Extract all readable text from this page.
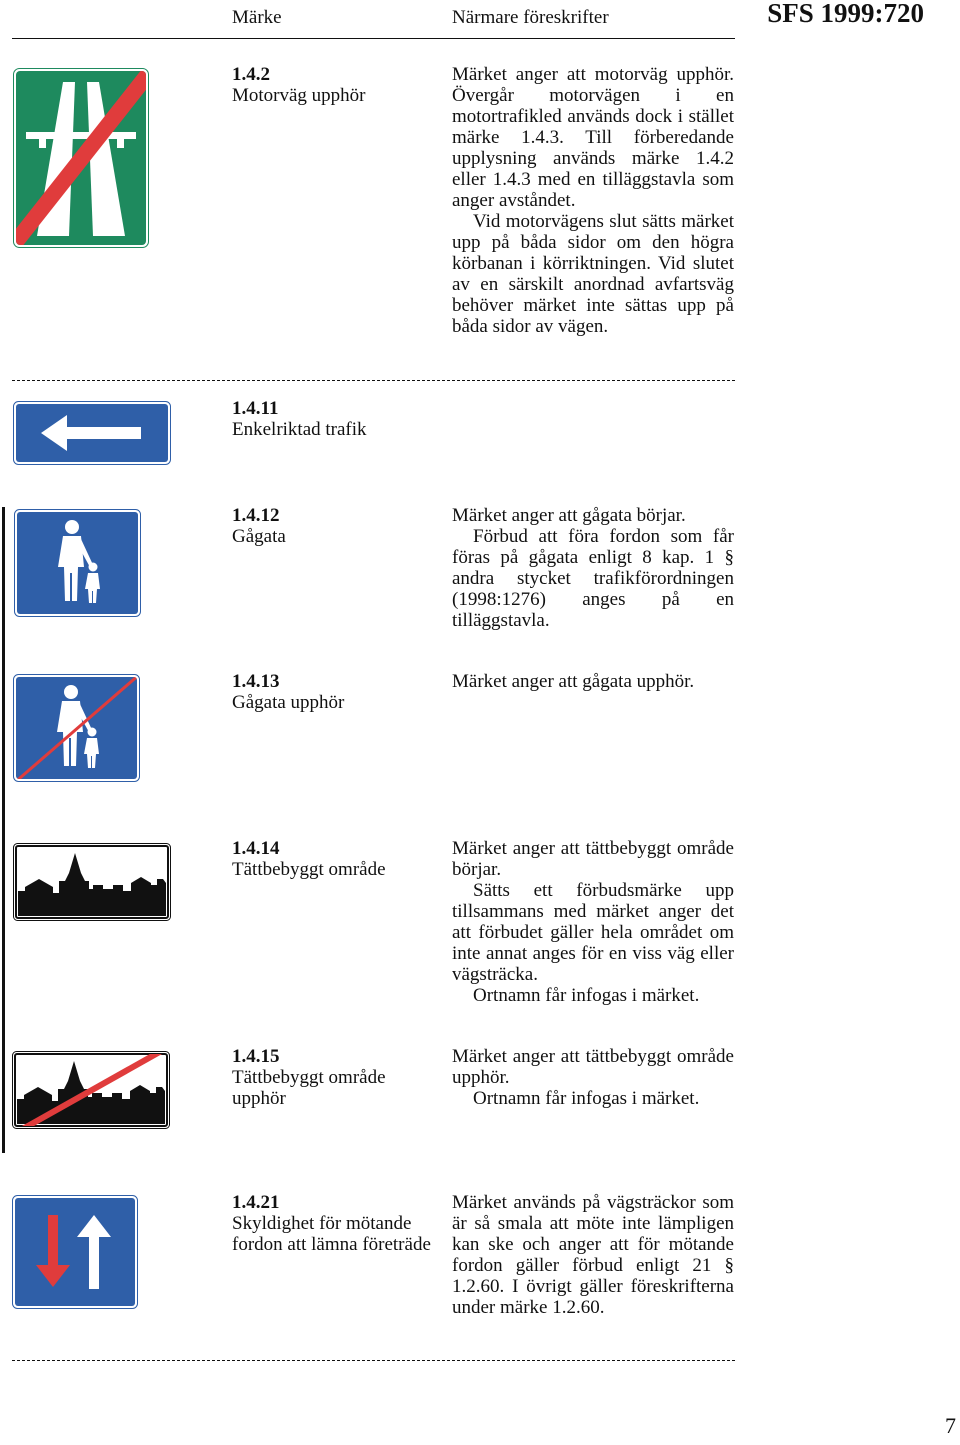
Märke	Närmare föreskrifter	SFS 1999:720
1.4.2
Motorväg upphör

Märket anger att motorväg upphör. Övergår motorvägen i en motortrafikled används dock i stället märke 1.4.3. Till förberedande upplysning används märke 1.4.2 eller 1.4.3 med en tilläggstavla som anger avståndet.

Vid motorvägens slut sätts märket upp på båda sidor om den högra körbanan i körriktningen. Vid slutet av en särskilt anordnad avfartsväg behöver märket inte sättas upp på båda sidor av vägen.

1.4.11
Enkelriktad trafik
1.4.12
Gågata

Märket anger att gågata börjar.

Förbud att föra fordon som får föras på gågata enligt 8 kap. 1 § andra stycket trafikförordningen (1998:1276) anges på en tilläggstavla.

1.4.13
Gågata upphör

Märket anger att gågata upphör.

1.4.14
Tättbebyggt område

Märket anger att tättbebyggt område börjar.

Sätts ett förbudsmärke upp tillsammans med märket anger det att förbudet gäller hela området om inte annat anges för en viss väg eller vägsträcka.

Ortnamn får infogas i märket.

1.4.15
Tättbebyggt område
upphör

Märket anger att tättbebyggt område upphör.

Ortnamn får infogas i märket.

1.4.21
Skyldighet för mötande
fordon att lämna företräde

Märket används på vägsträckor som är så smala att möte inte lämpligen kan ske och anger att för mötande fordon gäller förbud enligt 21 § 1.2.60. I övrigt gäller föreskrifterna under märke 1.2.60.

7
